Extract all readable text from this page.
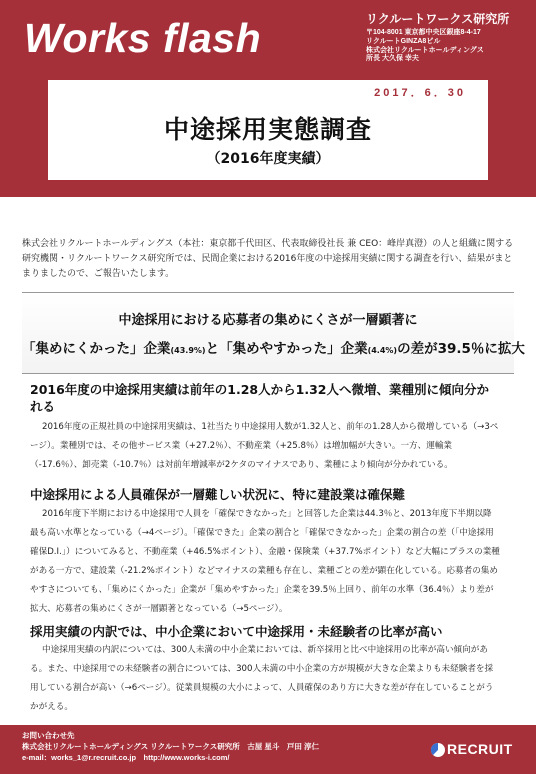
Works flash	リクルートワークス研究所
〒104-8001 東京都中央区銀座8-4-17
リクルートGINZA8ビル
株式会社リクルートホールディングス
所長 大久保 幸夫
2017．6．30
中途採用実態調査
（2016年度実績）
株式会社リクルートホールディングス（本社：東京都千代田区、代表取締役社長 兼 CEO：峰岸真澄）の人と組織に関する研究機関・リクルートワークス研究所では、民間企業における2016年度の中途採用実績に関する調査を行い、結果がまとまりましたので、ご報告いたします。
中途採用における応募者の集めにくさが一層顕著に
「集めにくかった」企業(43.9%)と「集めやすかった」企業(4.4%)の差が39.5％に拡大
2016年度の中途採用実績は前年の1.28人から1.32人へ微増、業種別に傾向分かれる
2016年度の正規社員の中途採用実績は、1社当たり中途採用人数が1.32人と、前年の1.28人から微増している（→3ページ）。業種別では、その他サービス業（+27.2％）、不動産業（+25.8％）は増加幅が大きい。一方、運輸業（-17.6％）、卸売業（-10.7％）は対前年増減率が2ケタのマイナスであり、業種により傾向が分かれている。
中途採用による人員確保が一層難しい状況に、特に建設業は確保難
2016年度下半期における中途採用で人員を「確保できなかった」と回答した企業は44.3％と、2013年度下半期以降最も高い水準となっている（→4ページ）。「確保できた」企業の割合と「確保できなかった」企業の割合の差（「中途採用確保D.I.」）についてみると、不動産業（+46.5%ポイント）、金融・保険業（+37.7%ポイント）など大幅にプラスの業種がある一方で、建設業（-21.2%ポイント）などマイナスの業種も存在し、業種ごとの差が顕在化している。応募者の集めやすさについても、「集めにくかった」企業が「集めやすかった」企業を39.5％上回り、前年の水準（36.4％）より差が拡大、応募者の集めにくさが一層顕著となっている（→5ページ）。
採用実績の内訳では、中小企業において中途採用・未経験者の比率が高い
中途採用実績の内訳については、300人未満の中小企業においては、新卒採用と比べ中途採用の比率が高い傾向がある。また、中途採用での未経験者の割合については、300人未満の中小企業の方が規模が大きな企業よりも未経験者を採用している割合が高い（→6ページ）。従業員規模の大小によって、人員確保のあり方に大きな差が存在していることがうかがえる。
お問い合わせ先
株式会社リクルートホールディングス リクルートワークス研究所　古屋 星斗　戸田 淳仁
e-mail：works_1@r.recruit.co.jp　http://www.works-i.com/
RECRUIT
